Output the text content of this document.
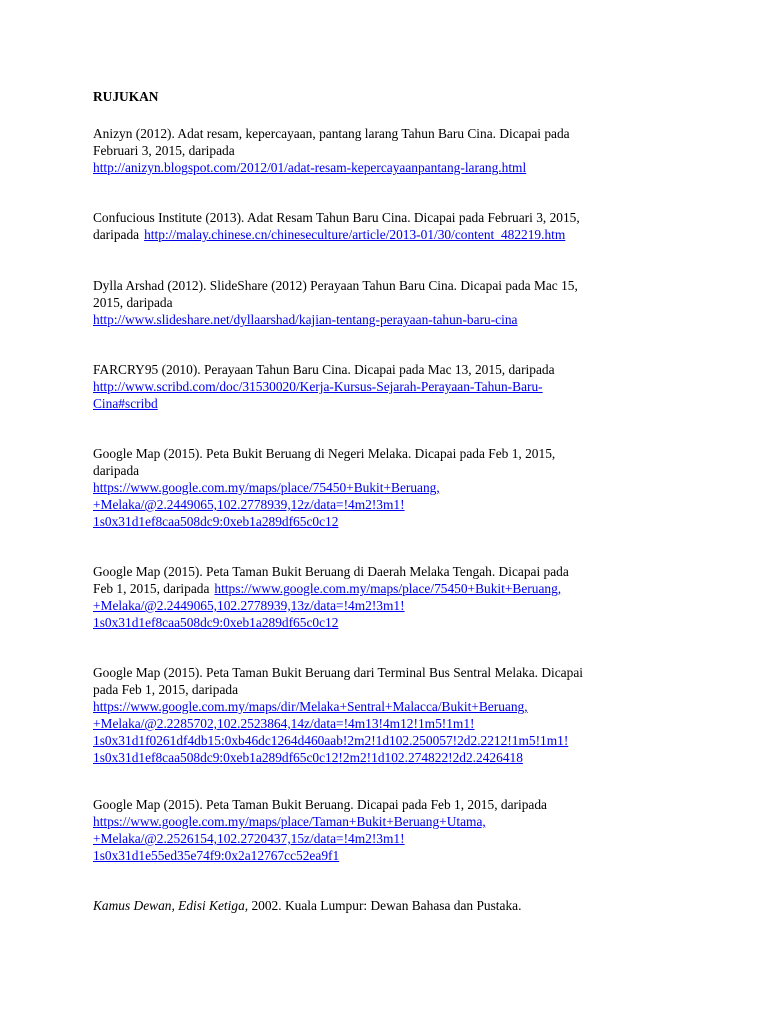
RUJUKAN
Anizyn (2012). Adat resam, kepercayaan, pantang larang Tahun Baru Cina. Dicapai pada
Februari 3, 2015, daripada
http://anizyn.blogspot.com/2012/01/adat-resam-kepercayaanpantang-larang.html
Confucious Institute (2013). Adat Resam Tahun Baru Cina. Dicapai pada Februari 3, 2015,
daripada http://malay.chinese.cn/chineseculture/article/2013-01/30/content_482219.htm
Dylla Arshad (2012). SlideShare (2012) Perayaan Tahun Baru Cina. Dicapai pada Mac 15,
2015, daripada
http://www.slideshare.net/dyllaarshad/kajian-tentang-perayaan-tahun-baru-cina
FARCRY95 (2010). Perayaan Tahun Baru Cina. Dicapai pada Mac 13, 2015, daripada
http://www.scribd.com/doc/31530020/Kerja-Kursus-Sejarah-Perayaan-Tahun-Baru-
Cina#scribd
Google Map (2015). Peta Bukit Beruang di Negeri Melaka. Dicapai pada Feb 1, 2015,
daripada
https://www.google.com.my/maps/place/75450+Bukit+Beruang,
+Melaka/@2.2449065,102.2778939,12z/data=!4m2!3m1!
1s0x31d1ef8caa508dc9:0xeb1a289df65c0c12
Google Map (2015). Peta Taman Bukit Beruang di Daerah Melaka Tengah. Dicapai pada
Feb 1, 2015, daripada https://www.google.com.my/maps/place/75450+Bukit+Beruang,
+Melaka/@2.2449065,102.2778939,13z/data=!4m2!3m1!
1s0x31d1ef8caa508dc9:0xeb1a289df65c0c12
Google Map (2015). Peta Taman Bukit Beruang dari Terminal Bus Sentral Melaka. Dicapai
pada Feb 1, 2015, daripada
https://www.google.com.my/maps/dir/Melaka+Sentral+Malacca/Bukit+Beruang,
+Melaka/@2.2285702,102.2523864,14z/data=!4m13!4m12!1m5!1m1!
1s0x31d1f0261df4db15:0xb46dc1264d460aab!2m2!1d102.250057!2d2.2212!1m5!1m1!
1s0x31d1ef8caa508dc9:0xeb1a289df65c0c12!2m2!1d102.274822!2d2.2426418
Google Map (2015). Peta Taman Bukit Beruang. Dicapai pada Feb 1, 2015, daripada
https://www.google.com.my/maps/place/Taman+Bukit+Beruang+Utama,
+Melaka/@2.2526154,102.2720437,15z/data=!4m2!3m1!
1s0x31d1e55ed35e74f9:0x2a12767cc52ea9f1
Kamus Dewan, Edisi Ketiga, 2002. Kuala Lumpur: Dewan Bahasa dan Pustaka.
